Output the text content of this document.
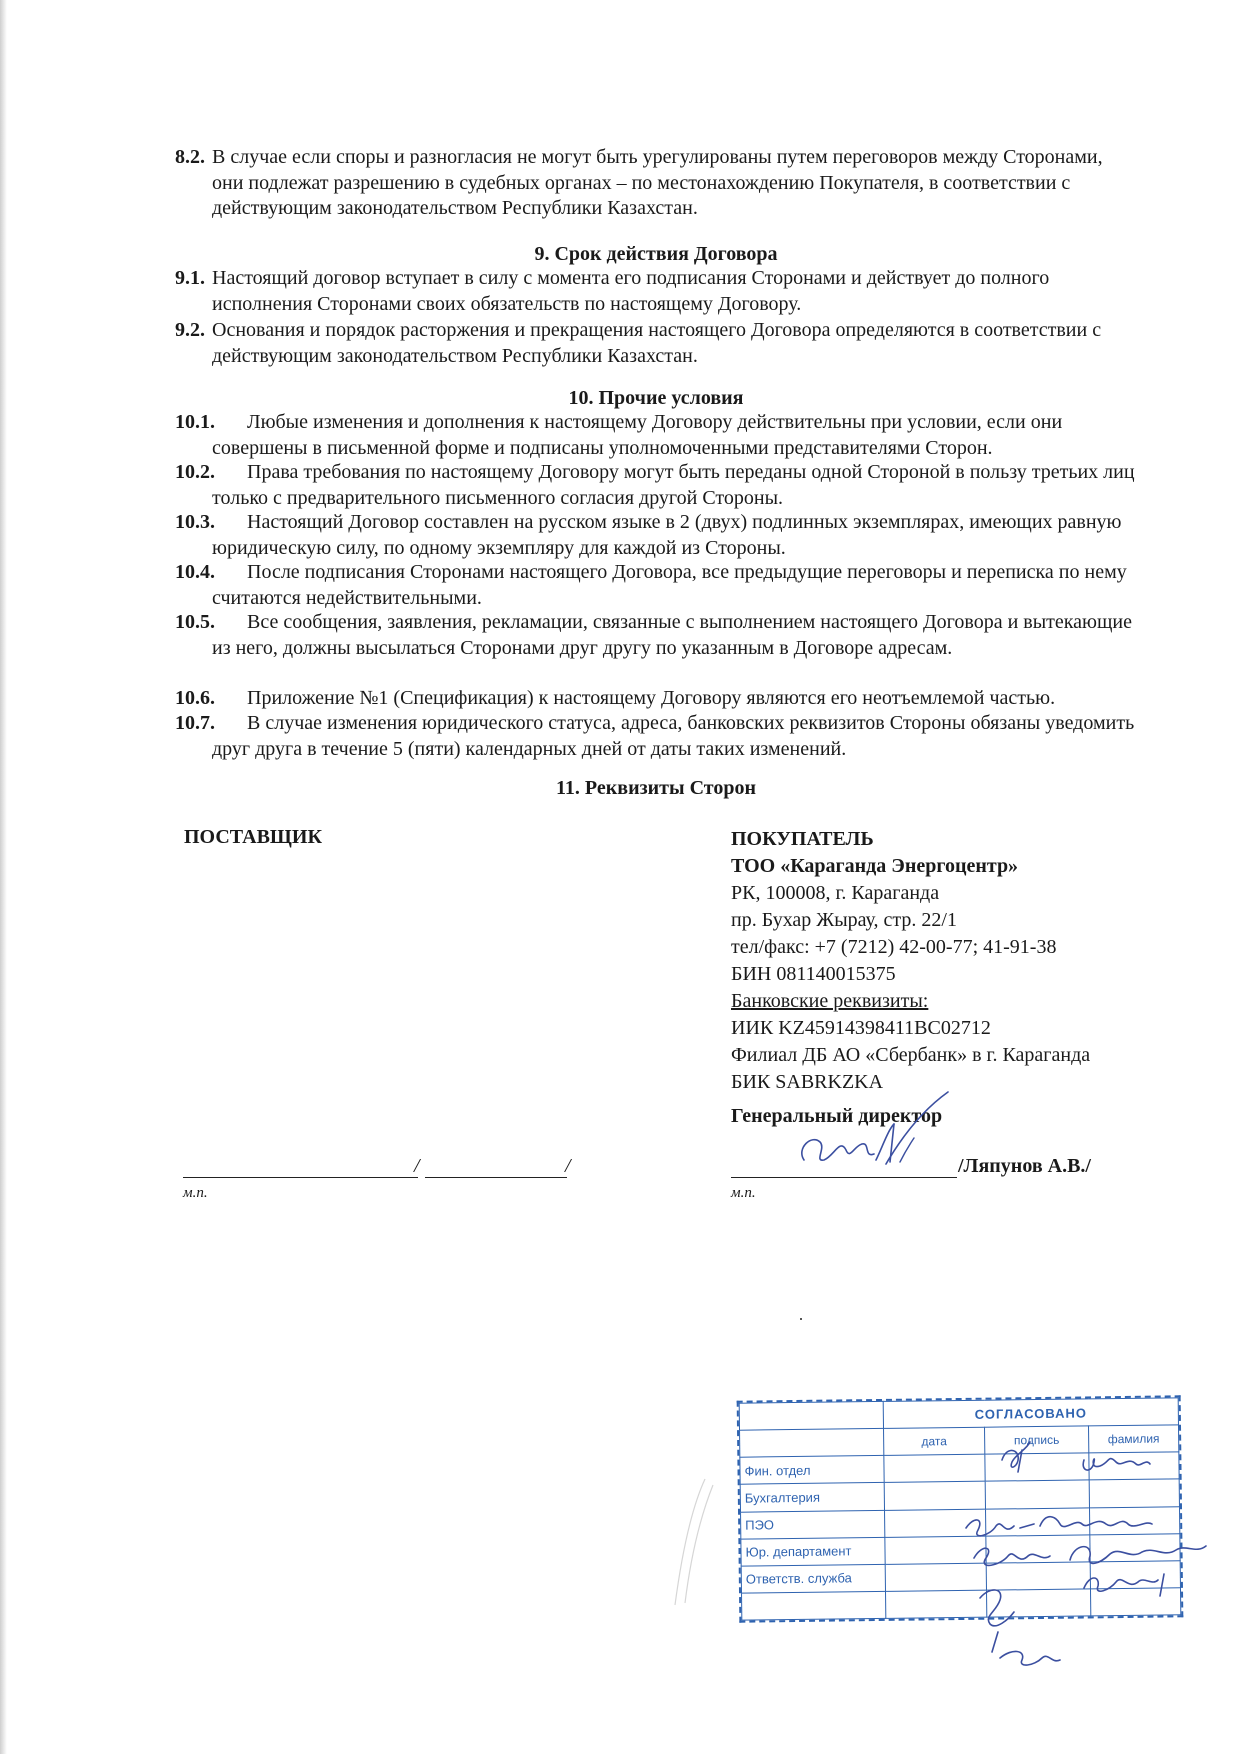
8.2. В случае если споры и разногласия не могут быть урегулированы путем переговоров между Сторонами, они подлежат разрешению в судебных органах – по местонахождению Покупателя, в соответствии с действующим законодательством Республики Казахстан.
9. Срок действия Договора
9.1. Настоящий договор вступает в силу с момента его подписания Сторонами и действует до полного исполнения Сторонами своих обязательств по настоящему Договору.
9.2. Основания и порядок расторжения и прекращения настоящего Договора определяются в соответствии с действующим законодательством Республики Казахстан.
10. Прочие условия
10.1.	Любые изменения и дополнения к настоящему Договору действительны при условии, если они совершены в письменной форме и подписаны уполномоченными представителями Сторон.
10.2.	Права требования по настоящему Договору могут быть переданы одной Стороной в пользу третьих лиц только с предварительного письменного согласия другой Стороны.
10.3.	Настоящий Договор составлен на русском языке в 2 (двух) подлинных экземплярах, имеющих равную юридическую силу, по одному экземпляру для каждой из Стороны.
10.4.	После подписания Сторонами настоящего Договора, все предыдущие переговоры и переписка по нему считаются недействительными.
10.5.	Все сообщения, заявления, рекламации, связанные с выполнением настоящего Договора и вытекающие из него, должны высылаться Сторонами друг другу по указанным в Договоре адресам.
10.6.	Приложение №1 (Спецификация) к настоящему Договору являются его неотъемлемой частью.
10.7.	В случае изменения юридического статуса, адреса, банковских реквизитов Стороны обязаны уведомить друг друга в течение 5 (пяти) календарных дней от даты таких изменений.
11. Реквизиты Сторон
ПОСТАВЩИК
/	/
м.п.
ПОКУПАТЕЛЬ
ТОО «Караганда Энергоцентр»
РК, 100008, г. Караганда
пр. Бухар Жырау, стр. 22/1
тел/факс: +7 (7212) 42-00-77; 41-91-38
БИН 081140015375
Банковские реквизиты:
ИИК KZ45914398411BC02712
Филиал ДБ АО «Сбербанк» в г. Караганда
БИК SABRKZKA
Генеральный директор
/Ляпунов А.В./
м.п.
	СОГЛАСОВАНО		
	дата	подпись	фамилия
Фин. отдел			
Бухгалтерия			
ПЭО			
Юр. департамент			
Ответств. служба			
